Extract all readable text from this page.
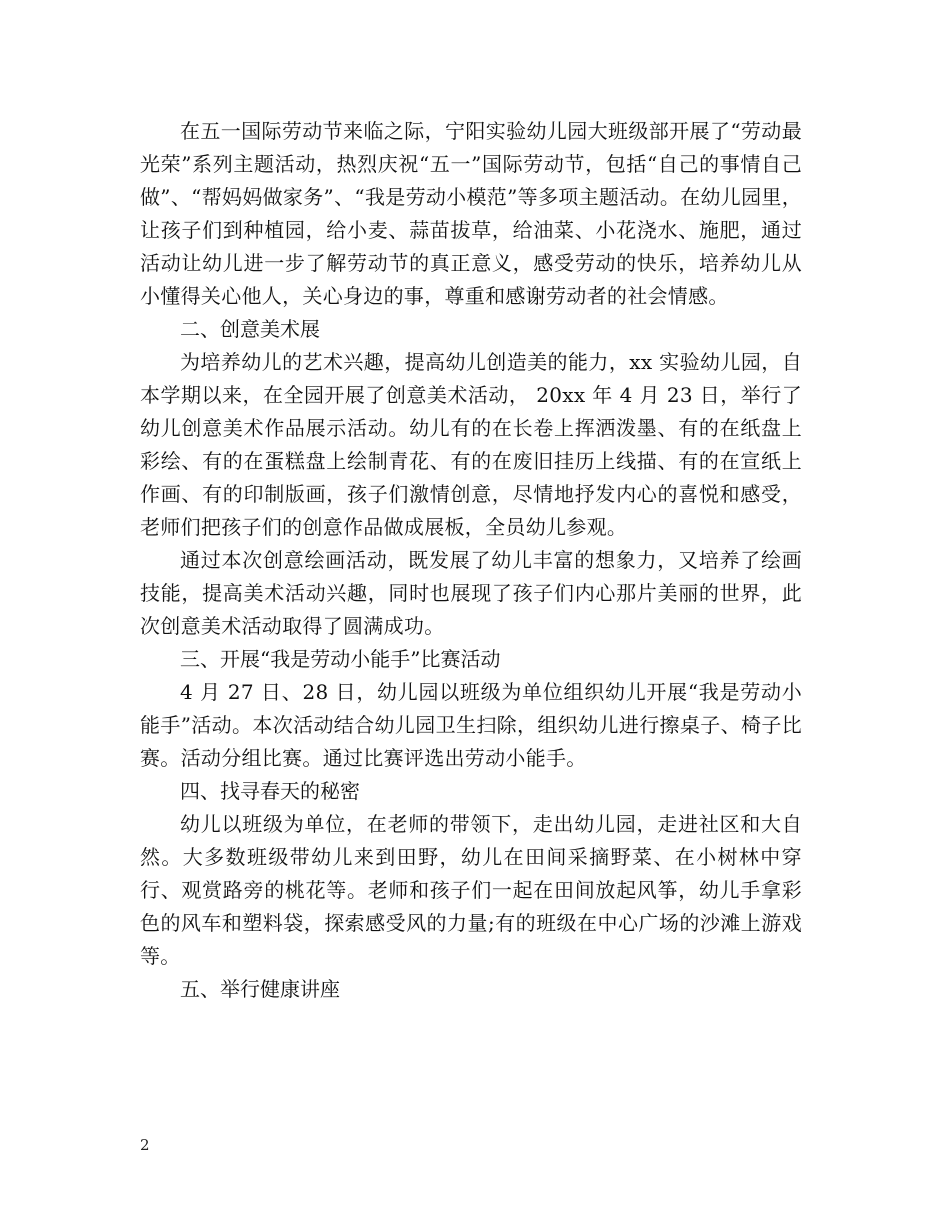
在五一国际劳动节来临之际，宁阳实验幼儿园大班级部开展了“劳动最光荣”系列主题活动，热烈庆祝“五一”国际劳动节，包括“自己的事情自己做”、“帮妈妈做家务”、“我是劳动小模范”等多项主题活动。在幼儿园里，让孩子们到种植园，给小麦、蒜苗拔草，给油菜、小花浇水、施肥，通过活动让幼儿进一步了解劳动节的真正意义，感受劳动的快乐，培养幼儿从小懂得关心他人，关心身边的事，尊重和感谢劳动者的社会情感。

二、创意美术展

为培养幼儿的艺术兴趣，提高幼儿创造美的能力，xx 实验幼儿园，自本学期以来，在全园开展了创意美术活动， 20xx 年 4 月 23 日，举行了幼儿创意美术作品展示活动。幼儿有的在长卷上挥洒泼墨、有的在纸盘上彩绘、有的在蛋糕盘上绘制青花、有的在废旧挂历上线描、有的在宣纸上作画、有的印制版画，孩子们激情创意，尽情地抒发内心的喜悦和感受，老师们把孩子们的创意作品做成展板，全员幼儿参观。

通过本次创意绘画活动，既发展了幼儿丰富的想象力，又培养了绘画技能，提高美术活动兴趣，同时也展现了孩子们内心那片美丽的世界，此次创意美术活动取得了圆满成功。

三、开展“我是劳动小能手”比赛活动

4 月 27 日、28 日，幼儿园以班级为单位组织幼儿开展“我是劳动小能手”活动。本次活动结合幼儿园卫生扫除，组织幼儿进行擦桌子、椅子比赛。活动分组比赛。通过比赛评选出劳动小能手。

四、找寻春天的秘密

幼儿以班级为单位，在老师的带领下，走出幼儿园，走进社区和大自然。大多数班级带幼儿来到田野，幼儿在田间采摘野菜、在小树林中穿行、观赏路旁的桃花等。老师和孩子们一起在田间放起风筝，幼儿手拿彩色的风车和塑料袋，探索感受风的力量;有的班级在中心广场的沙滩上游戏等。

五、举行健康讲座

2
